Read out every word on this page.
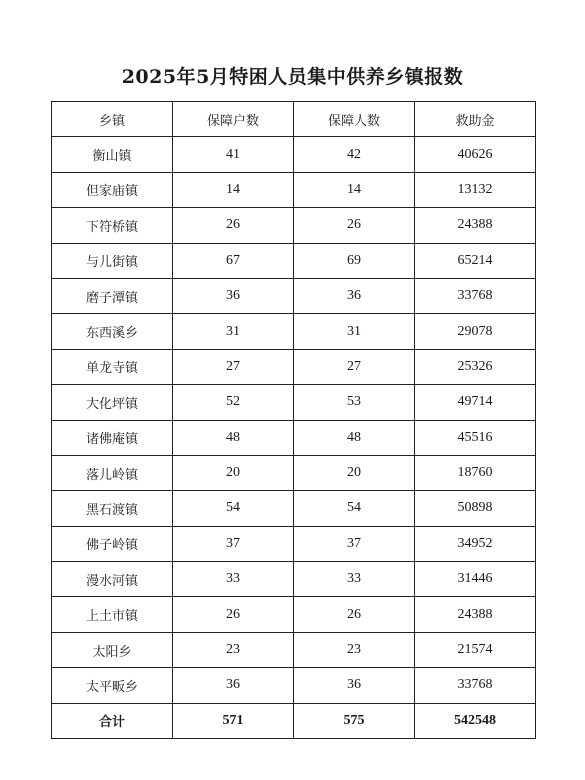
2025年5月特困人员集中供养乡镇报数
乡镇	保障户数	保障人数	救助金
衡山镇	41	42	40626
但家庙镇	14	14	13132
下符桥镇	26	26	24388
与儿街镇	67	69	65214
磨子潭镇	36	36	33768
东西溪乡	31	31	29078
单龙寺镇	27	27	25326
大化坪镇	52	53	49714
诸佛庵镇	48	48	45516
落儿岭镇	20	20	18760
黑石渡镇	54	54	50898
佛子岭镇	37	37	34952
漫水河镇	33	33	31446
上土市镇	26	26	24388
太阳乡	23	23	21574
太平畈乡	36	36	33768
合计	571	575	542548
